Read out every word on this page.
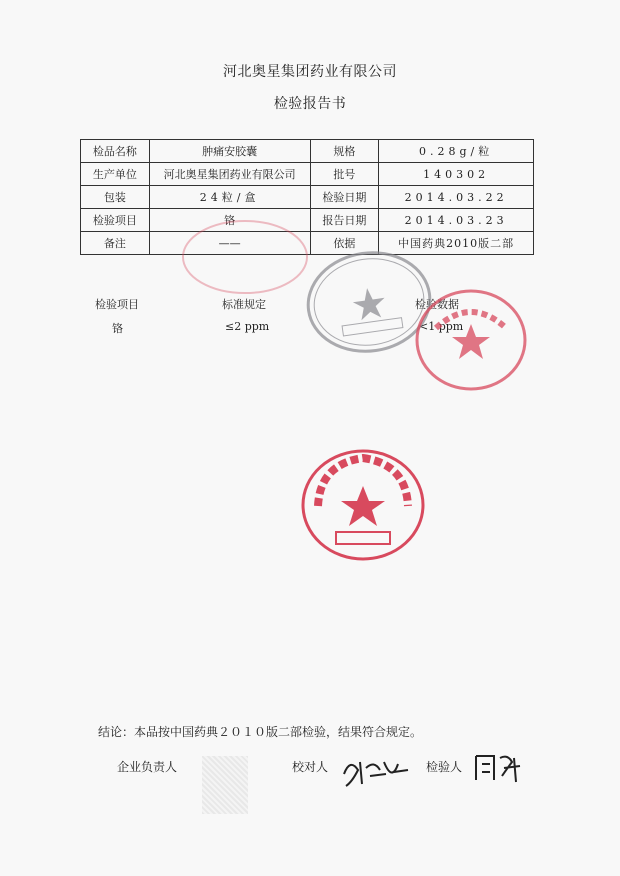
河北奥星集团药业有限公司
检验报告书
检品名称	肿痛安胶囊	规格	0.28g/粒
生产单位	河北奥星集团药业有限公司	批号	140302
包装	24粒/盒	检验日期	2014.03.22
检验项目	铬	报告日期	2014.03.23
备注	——	依据	中国药典2010版二部
检验项目	标准规定	检验数据
铬	≤2 ppm	<1 ppm
结论：本品按中国药典２０１０版二部检验，结果符合规定。
企业负责人	校对人	检验人
